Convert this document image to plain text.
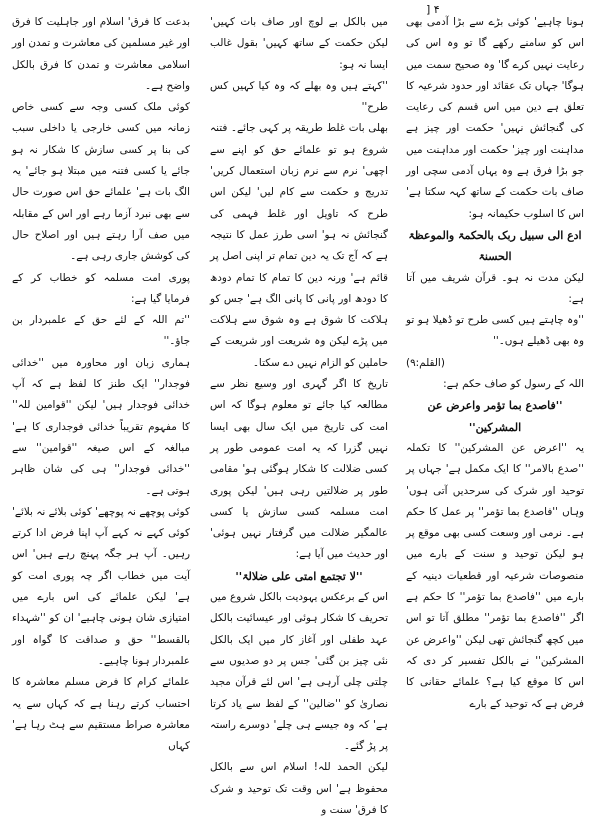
] ۴

ہونا چاہیے' کوئی بڑے سے بڑا آدمی بھی اس کو سامنے رکھے گا تو وہ اس کی رعایت نہیں کرے گا' وہ صحیح سمت میں ہوگا' جہاں تک عقائد اور حدود شرعیہ کا تعلق ہے دین میں اس قسم کی رعایت کی گنجائش نہیں' حکمت اور چیز ہے مداہنت اور چیز' حکمت اور مداہنت میں جو بڑا فرق ہے وہ یہاں آدمی سچی اور صاف بات حکمت کے ساتھ کہہ سکتا ہے' اس کا اسلوب حکیمانہ ہو:

ادع الی سبیل ربک بالحکمۃ والموعظۃ الحسنۃ

لیکن مدت نہ ہو۔ قرآن شریف میں آتا ہے:

''وہ چاہتے ہیں کسی طرح تو ڈھیلا ہو تو وہ بھی ڈھیلے ہوں۔''

(القلم:۹)

اللہ کے رسول کو صاف حکم ہے:

''فاصدع بما تؤمر واعرض عن المشرکین''

یہ ''اعرض عن المشرکین'' کا تکملہ ''صدع بالامر'' کا ایک مکمل ہے' جہاں پر توحید اور شرک کی سرحدیں آتی ہوں' وہاں ''فاصدع بما تؤمر'' پر عمل کا حکم ہے۔ نرمی اور وسعت کسی بھی موقع پر ہو لیکن توحید و سنت کے بارے میں منصوصات شرعیہ اور قطعیات دینیہ کے بارے میں ''فاصدع بما تؤمر'' کا حکم ہے اگر ''فاصدع بما تؤمر'' مطلق آتا تو اس میں کچھ گنجائش تھی لیکن ''واعرض عن المشرکین'' نے بالکل تفسیر کر دی کہ اس کا موقع کیا ہے؟ علمائے حقانی کا فرض ہے کہ توحید کے بارے

میں بالکل بے لوچ اور صاف بات کہیں' لیکن حکمت کے ساتھ کہیں' بقول غالب ایسا نہ ہو:

''کہتے ہیں وہ بھلے کہ وہ کیا کہیں کس طرح''

بھلی بات غلط طریقہ پر کہی جائے۔ فتنہ شروع ہو تو علمائے حق کو اپنے سے اچھی' نرم سے نرم زبان استعمال کریں' تدریج و حکمت سے کام لیں' لیکن اس طرح کہ تاویل اور غلط فہمی کی گنجائش نہ ہو' اسی طرز عمل کا نتیجہ ہے کہ آج تک یہ دین تمام تر اپنی اصل پر قائم ہے' ورنہ دین کا تمام کا تمام دودھ کا دودھ اور پانی کا پانی الگ ہے' جس کو ہلاکت کا شوق ہے وہ شوق سے ہلاکت میں پڑے لیکن وہ شریعت اور شریعت کے حاملین کو الزام نہیں دے سکتا۔

تاریخ کا اگر گہری اور وسیع نظر سے مطالعہ کیا جائے تو معلوم ہوگا کہ اس امت کی تاریخ میں ایک سال بھی ایسا نہیں گزرا کہ یہ امت عمومی طور پر کسی ضلالت کا شکار ہوگئی ہو' مقامی طور پر ضلالتیں رہی ہیں' لیکن پوری امت مسلمہ کسی سازش یا کسی عالمگیر ضلالت میں گرفتار نہیں ہوئی' اور حدیث میں آیا ہے:

''لا تجتمع امتی علی ضلالۃ''

اس کے برعکس یہودیت بالکل شروع میں تحریف کا شکار ہوئی اور عیسائیت بالکل عہد طفلی اور آغاز کار میں ایک بالکل نئی چیز بن گئی' جس پر دو صدیوں سے چلتی چلی آرہی ہے' اس لئے قرآن مجید نصاریٰ کو ''ضالین'' کے لفظ سے یاد کرتا ہے' کہ وہ جیسے ہی چلے' دوسرے راستہ پر پڑ گئے۔

لیکن الحمد للہ! اسلام اس سے بالکل محفوظ ہے' اس وقت تک توحید و شرک کا فرق' سنت و

بدعت کا فرق' اسلام اور جاہلیت کا فرق اور غیر مسلمین کی معاشرت و تمدن اور اسلامی معاشرت و تمدن کا فرق بالکل واضح ہے۔

کوئی ملک کسی وجہ سے کسی خاص زمانہ میں کسی خارجی یا داخلی سبب کی بنا پر کسی سازش کا شکار نہ ہو جائے یا کسی فتنہ میں مبتلا ہو جائے' یہ الگ بات ہے' علمائے حق اس صورت حال سے بھی نبرد آزما رہے اور اس کے مقابلہ میں صف آرا رہتے ہیں اور اصلاح حال کی کوشش جاری رہی ہے۔

پوری امت مسلمہ کو خطاب کر کے فرمایا گیا ہے:

''تم اللہ کے لئے حق کے علمبردار بن جاؤ۔''

ہماری زبان اور محاورہ میں ''خدائی فوجدار'' ایک طنز کا لفظ ہے کہ آپ خدائی فوجدار ہیں' لیکن ''قوامین للہ'' کا مفہوم تقریباً خدائی فوجداری کا ہے' مبالغہ کے اس صیغہ ''قوامین'' سے ''خدائی فوجدار'' ہی کی شان ظاہر ہوتی ہے۔

کوئی پوچھے نہ پوچھے' کوئی بلائے نہ بلائے' کوئی کہے نہ کہے آپ اپنا فرض ادا کرتے رہیں۔ آپ ہر جگہ پہنچ رہے ہیں' اس آیت میں خطاب اگر چہ پوری امت کو ہے' لیکن علمائے کی اس بارے میں امتیازی شان ہونی چاہیے' ان کو ''شہداء بالقسط'' حق و صداقت کا گواہ اور علمبردار ہونا چاہیے۔

علمائے کرام کا فرض مسلم معاشرہ کا احتساب کرتے رہنا ہے کہ کہاں سے یہ معاشرہ صراط مستقیم سے ہٹ رہا ہے' کہاں
